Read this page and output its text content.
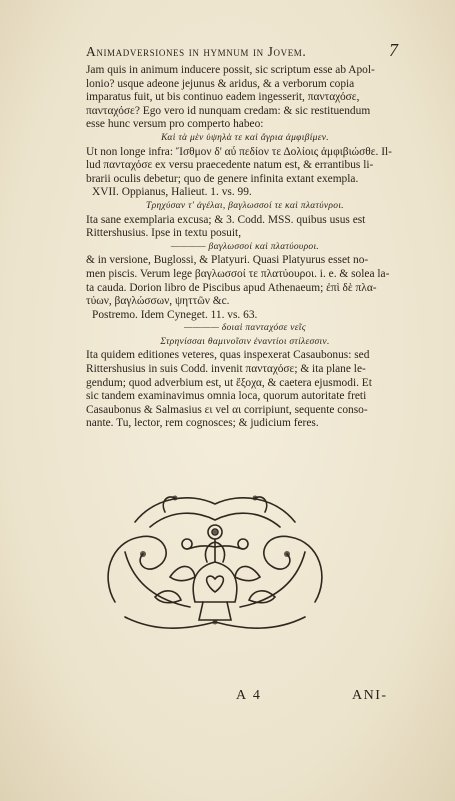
Animadversiones in hymnum in Jovem.	7
Jam quis in animum inducere possit, sic scriptum esse ab Apol-
lonio? usque adeone jejunus & aridus, & a verborum copia
imparatus fuit, ut bis continuo eadem ingesserit, πανταχόσε,
πανταχόσε? Ego vero id nunquam credam: & sic restituendum
esse hunc versum pro comperto habeo:
Καὶ τὰ μὲν ὑψηλὰ τε καὶ ἄγρια ἀμφιβίμεν.
Ut non longe infra: Ἴσθμον δ' αὖ πεδίον τε Δολίοις ἀμφιβιώσθε. Il-
lud πανταχόσε ex versu praecedente natum est, & errantibus li-
brarii oculis debetur; quo de genere infinita extant exempla.
XVII. Oppianus, Halieut. 1. vs. 99.
Τρηχύσαν τ' ἀγέλαι, βαγλωσσοί τε καὶ πλατύνροι.
Ita sane exemplaria excusa; & 3. Codd. MSS. quibus usus est
Rittershusius. Ipse in textu posuit,
———— βαγλωσσοί καὶ πλατύουροι.
& in versione, Buglossi, & Platyuri. Quasi Platyurus esset no-
men piscis. Verum lege βαγλωσσοί τε πλατύουροι. i. e. & solea la-
ta cauda. Dorion libro de Piscibus apud Athenaeum; ἐπὶ δὲ πλα-
τύων, βαγλώσσων, ψηττῶν &c.
Postremo. Idem Cyneget. 11. vs. 63.
———— δοιαὶ πανταχόσε νεῖς
Στρηνίσσαι θαμινοῖσιν ἐναντίοι στίλεσσιν.
Ita quidem editiones veteres, quas inspexerat Casaubonus: sed
Rittershusius in suis Codd. invenit πανταχόσε; & ita plane le-
gendum; quod adverbium est, ut ἔξοχα, & caetera ejusmodi. Et
sic tandem examinavimus omnia loca, quorum autoritate freti
Casaubonus & Salmasius ει vel αι corripiunt, sequente conso-
nante. Tu, lector, rem cognosces; & judicium feres.
A 4	ANI-
